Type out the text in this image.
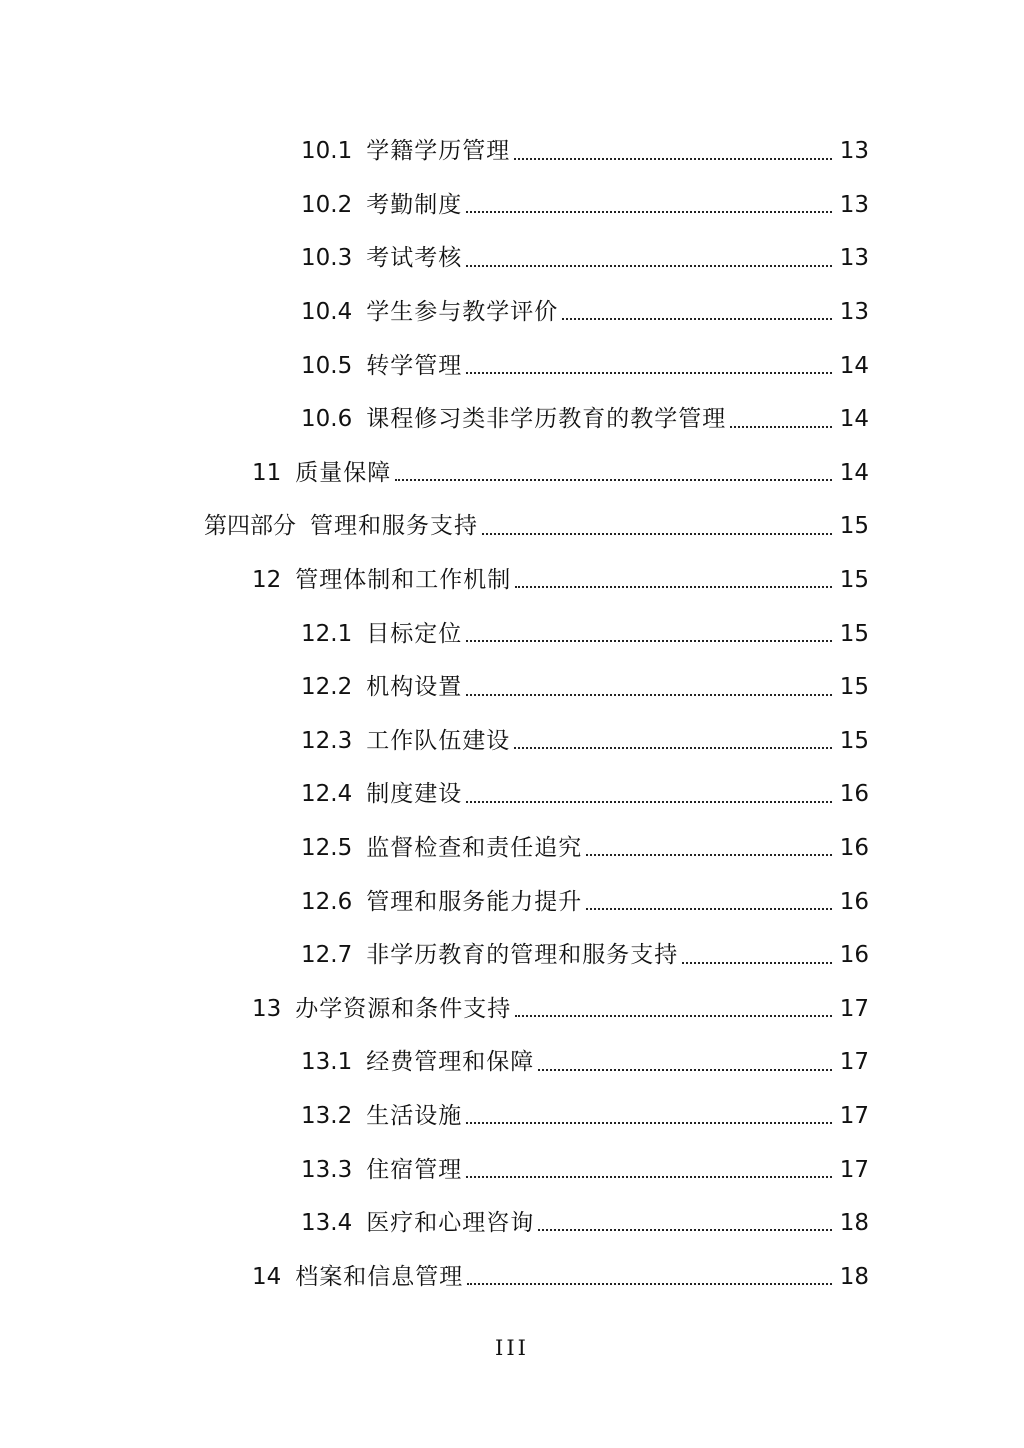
10.1 学籍学历管理	13
10.2 考勤制度	13
10.3 考试考核	13
10.4 学生参与教学评价	13
10.5 转学管理	14
10.6 课程修习类非学历教育的教学管理	14
11 质量保障	14
第四部分 管理和服务支持	15
12 管理体制和工作机制	15
12.1 目标定位	15
12.2 机构设置	15
12.3 工作队伍建设	15
12.4 制度建设	16
12.5 监督检查和责任追究	16
12.6 管理和服务能力提升	16
12.7 非学历教育的管理和服务支持	16
13 办学资源和条件支持	17
13.1 经费管理和保障	17
13.2 生活设施	17
13.3 住宿管理	17
13.4 医疗和心理咨询	18
14 档案和信息管理	18
III
